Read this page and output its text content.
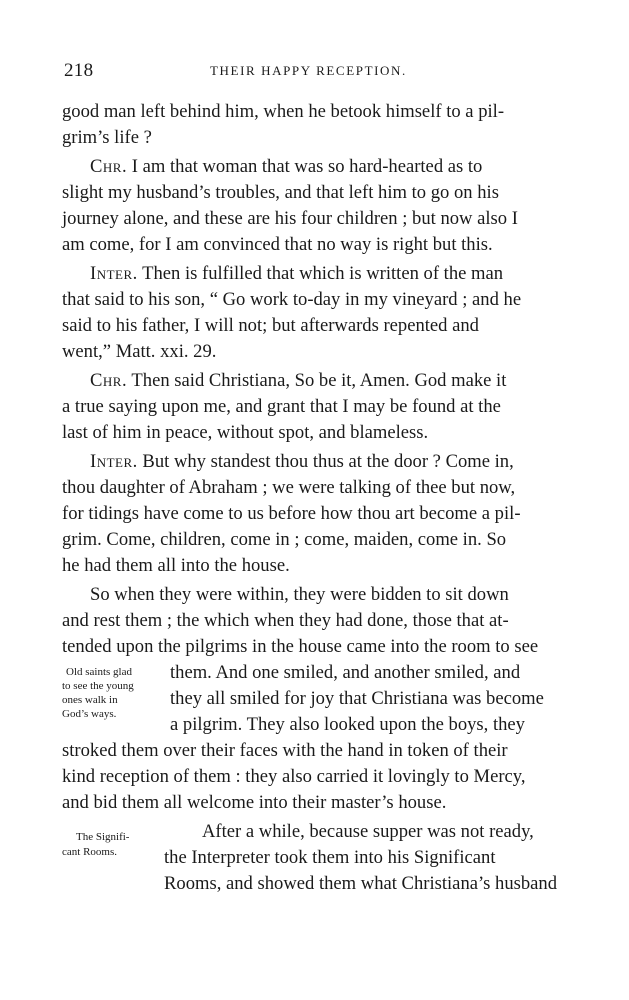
218	THEIR HAPPY RECEPTION.
good man left behind him, when he betook himself to a pil-
grim’s life ?
Chr. I am that woman that was so hard-hearted as to
slight my husband’s troubles, and that left him to go on his
journey alone, and these are his four children ; but now also I
am come, for I am convinced that no way is right but this.
Inter. Then is fulfilled that which is written of the man
that said to his son, “ Go work to-day in my vineyard ; and he
said to his father, I will not; but afterwards repented and
went,” Matt. xxi. 29.
Chr. Then said Christiana, So be it, Amen. God make it
a true saying upon me, and grant that I may be found at the
last of him in peace, without spot, and blameless.
Inter. But why standest thou thus at the door ? Come in,
thou daughter of Abraham ; we were talking of thee but now,
for tidings have come to us before how thou art become a pil-
grim. Come, children, come in ; come, maiden, come in. So
he had them all into the house.
So when they were within, they were bidden to sit down
and rest them ; the which when they had done, those that at-
tended upon the pilgrims in the house came into the room to see
them. And one smiled, and another smiled, and
they all smiled for joy that Christiana was become
a pilgrim. They also looked upon the boys, they
stroked them over their faces with the hand in token of their
kind reception of them : they also carried it lovingly to Mercy,
and bid them all welcome into their master’s house.
After a while, because supper was not ready,
the Interpreter took them into his Significant
Rooms, and showed them what Christiana’s husband
Old saints glad
to see the young
ones walk in
God’s ways.
The Signifi-
cant Rooms.
